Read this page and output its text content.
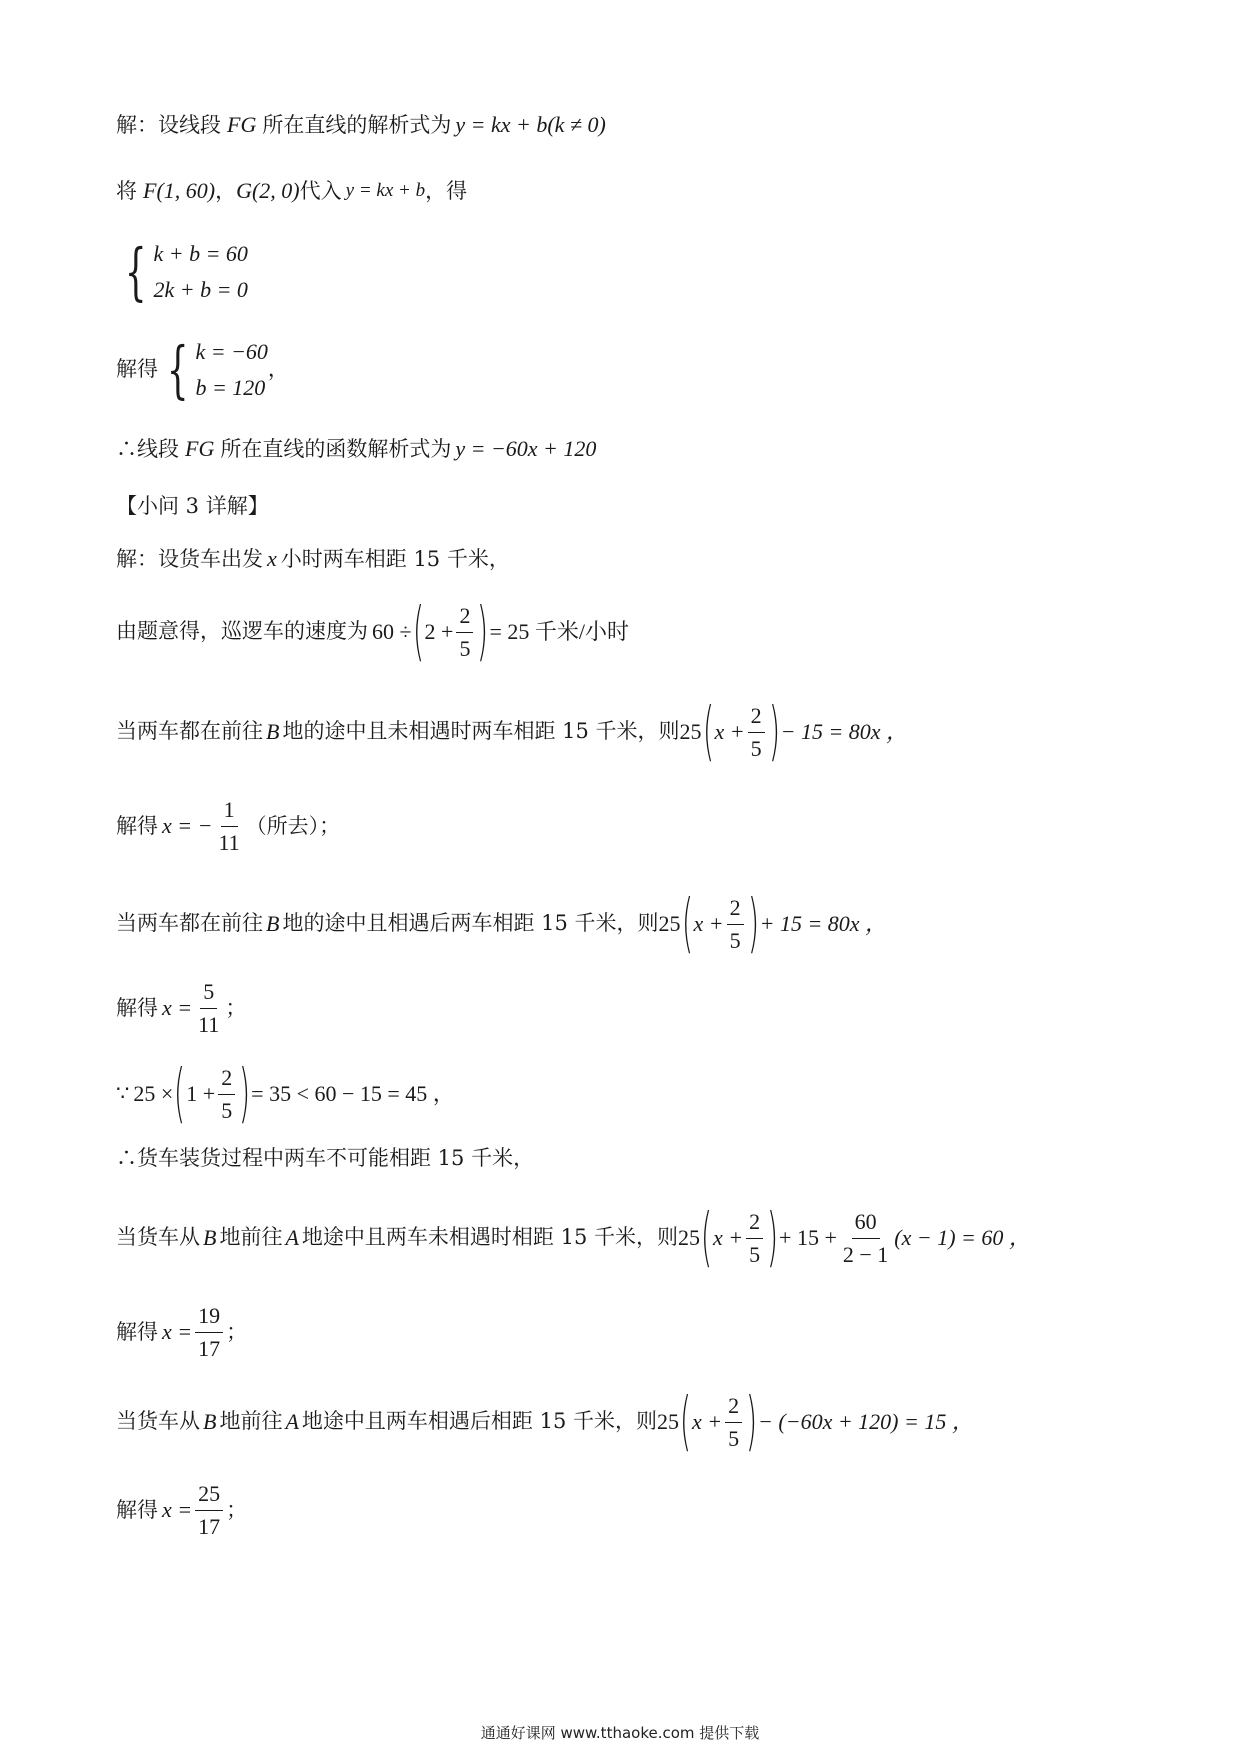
解：设线段 FG 所在直线的解析式为 y = kx + b(k ≠ 0)
将 F(1, 60) ， G(2, 0) 代入 y = kx + b ，得
{ k + b = 60
2k + b = 0
解得 { k = −60
b = 120
，
∴线段 FG 所在直线的函数解析式为 y = −60x + 120
【小问 3 详解】
解：设货车出发 x 小时两车相距 15 千米，
由题意得，巡逻车的速度为 60 ÷ ( $2 + \frac{2}{5}$ ) = 25 千米/小时
当两车都在前往 B 地的途中且未相遇时两车相距 15 千米，则 25 ( $x + \frac{2}{5}$ ) − 15 = 80x ，
解得 x = − $\frac{1}{11}$ （所去）；
当两车都在前往 B 地的途中且相遇后两车相距 15 千米，则 25 ( $x + \frac{2}{5}$ ) + 15 = 80x ，
解得 $x = \frac{5}{11}$ ；
∵ 25 × ( $1 + \frac{2}{5}$ ) = 35 < 60 − 15 = 45 ，
∴货车装货过程中两车不可能相距 15 千米，
当货车从 B 地前往 A 地途中且两车未相遇时相距 15 千米，则 25 ( $x + \frac{2}{5}$ ) + $15 + \frac{60}{2 - 1} (x - 1) = 60$ ，
解得 $x = \frac{19}{17}$ ；
当货车从 B 地前往 A 地途中且两车相遇后相距 15 千米，则 25 ( $x + \frac{2}{5}$ ) − (−60x + 120) = 15 ，
解得 $x = \frac{25}{17}$ ；
通通好课网 www.tthaoke.com 提供下载
